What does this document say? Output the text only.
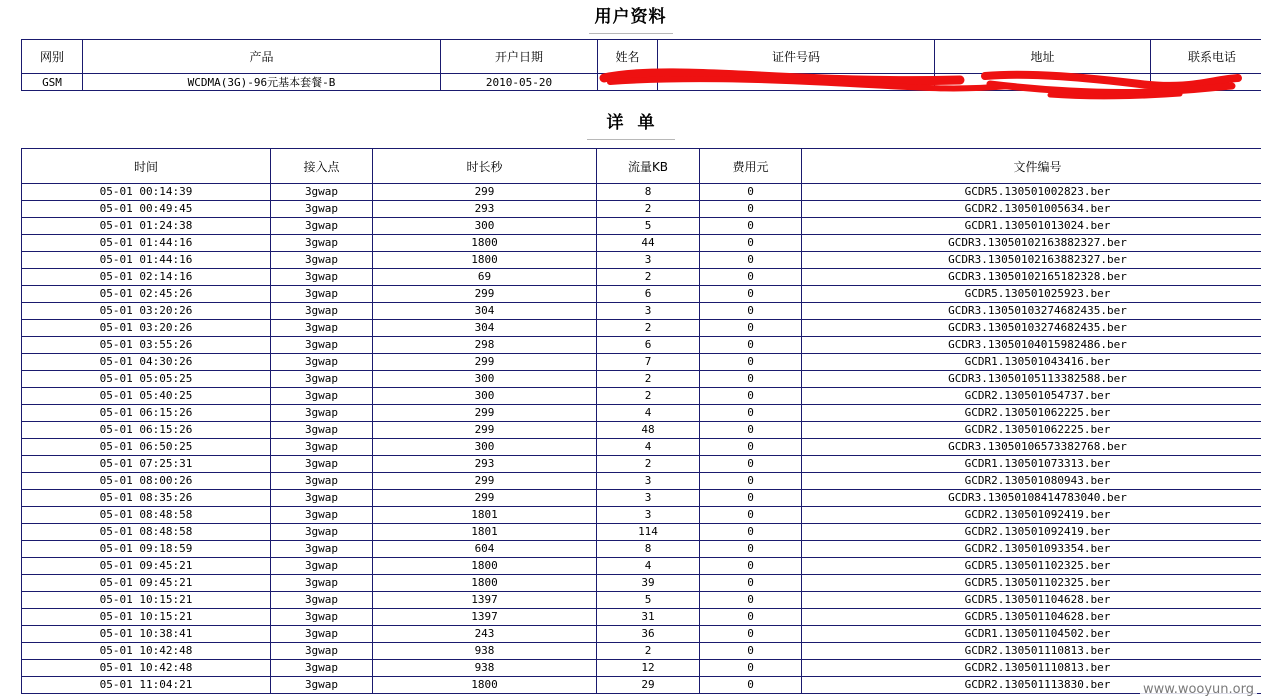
用户资料
网别	产品	开户日期	姓名	证件号码	地址	联系电话
GSM	WCDMA(3G)-96元基本套餐-B	2010-05-20				
详单
时间	接入点	时长秒	流量KB	费用元	文件编号
05-01 00:14:39	3gwap	299	8	0	GCDR5.130501002823.ber
05-01 00:49:45	3gwap	293	2	0	GCDR2.130501005634.ber
05-01 01:24:38	3gwap	300	5	0	GCDR1.130501013024.ber
05-01 01:44:16	3gwap	1800	44	0	GCDR3.13050102163882327.ber
05-01 01:44:16	3gwap	1800	3	0	GCDR3.13050102163882327.ber
05-01 02:14:16	3gwap	69	2	0	GCDR3.13050102165182328.ber
05-01 02:45:26	3gwap	299	6	0	GCDR5.130501025923.ber
05-01 03:20:26	3gwap	304	3	0	GCDR3.13050103274682435.ber
05-01 03:20:26	3gwap	304	2	0	GCDR3.13050103274682435.ber
05-01 03:55:26	3gwap	298	6	0	GCDR3.13050104015982486.ber
05-01 04:30:26	3gwap	299	7	0	GCDR1.130501043416.ber
05-01 05:05:25	3gwap	300	2	0	GCDR3.13050105113382588.ber
05-01 05:40:25	3gwap	300	2	0	GCDR2.130501054737.ber
05-01 06:15:26	3gwap	299	4	0	GCDR2.130501062225.ber
05-01 06:15:26	3gwap	299	48	0	GCDR2.130501062225.ber
05-01 06:50:25	3gwap	300	4	0	GCDR3.13050106573382768.ber
05-01 07:25:31	3gwap	293	2	0	GCDR1.130501073313.ber
05-01 08:00:26	3gwap	299	3	0	GCDR2.130501080943.ber
05-01 08:35:26	3gwap	299	3	0	GCDR3.13050108414783040.ber
05-01 08:48:58	3gwap	1801	3	0	GCDR2.130501092419.ber
05-01 08:48:58	3gwap	1801	114	0	GCDR2.130501092419.ber
05-01 09:18:59	3gwap	604	8	0	GCDR2.130501093354.ber
05-01 09:45:21	3gwap	1800	4	0	GCDR5.130501102325.ber
05-01 09:45:21	3gwap	1800	39	0	GCDR5.130501102325.ber
05-01 10:15:21	3gwap	1397	5	0	GCDR5.130501104628.ber
05-01 10:15:21	3gwap	1397	31	0	GCDR5.130501104628.ber
05-01 10:38:41	3gwap	243	36	0	GCDR1.130501104502.ber
05-01 10:42:48	3gwap	938	2	0	GCDR2.130501110813.ber
05-01 10:42:48	3gwap	938	12	0	GCDR2.130501110813.ber
05-01 11:04:21	3gwap	1800	29	0	GCDR2.130501113830.ber	www.wooyun.org
